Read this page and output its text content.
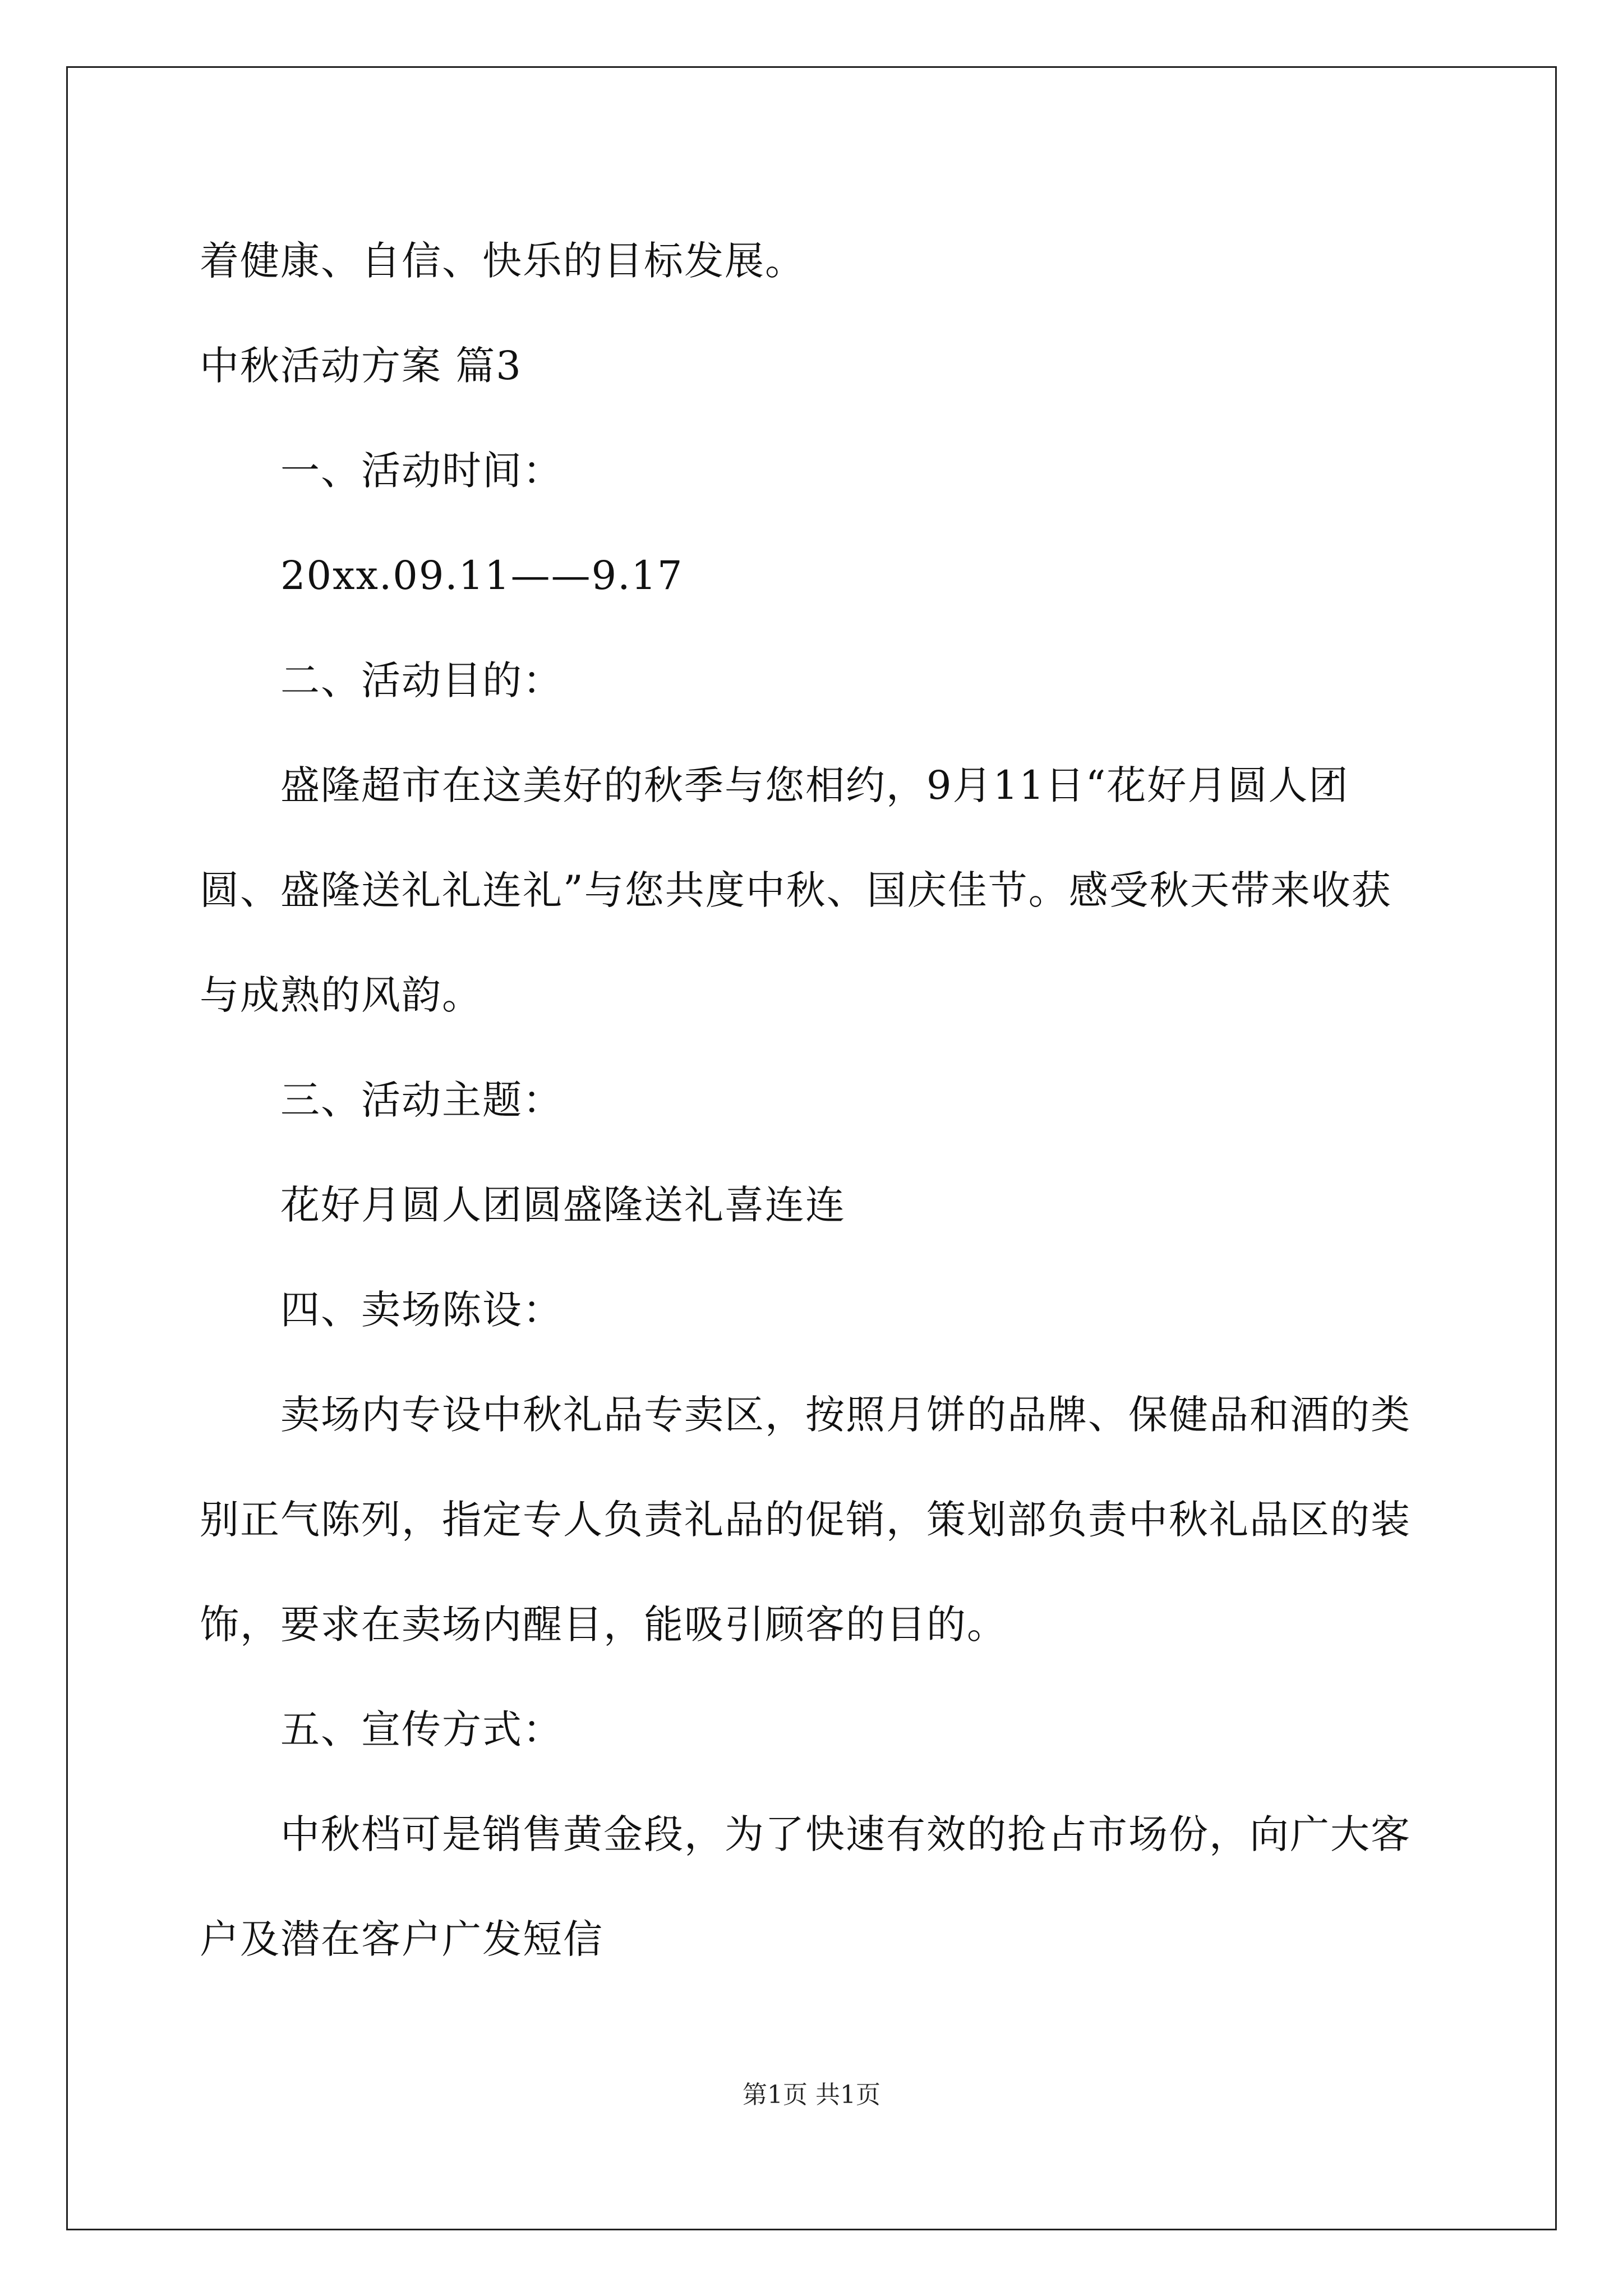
着健康、自信、快乐的目标发展。

中秋活动方案 篇3

一、活动时间：

20xx.09.11——9.17

二、活动目的：

盛隆超市在这美好的秋季与您相约，9月11日“花好月圆人团圆、盛隆送礼礼连礼”与您共度中秋、国庆佳节。感受秋天带来收获与成熟的风韵。

三、活动主题：

花好月圆人团圆盛隆送礼喜连连

四、卖场陈设：

卖场内专设中秋礼品专卖区，按照月饼的品牌、保健品和酒的类别正气陈列，指定专人负责礼品的促销，策划部负责中秋礼品区的装饰，要求在卖场内醒目，能吸引顾客的目的。

五、宣传方式：

中秋档可是销售黄金段，为了快速有效的抢占市场份，向广大客户及潜在客户广发短信

第1页 共1页
